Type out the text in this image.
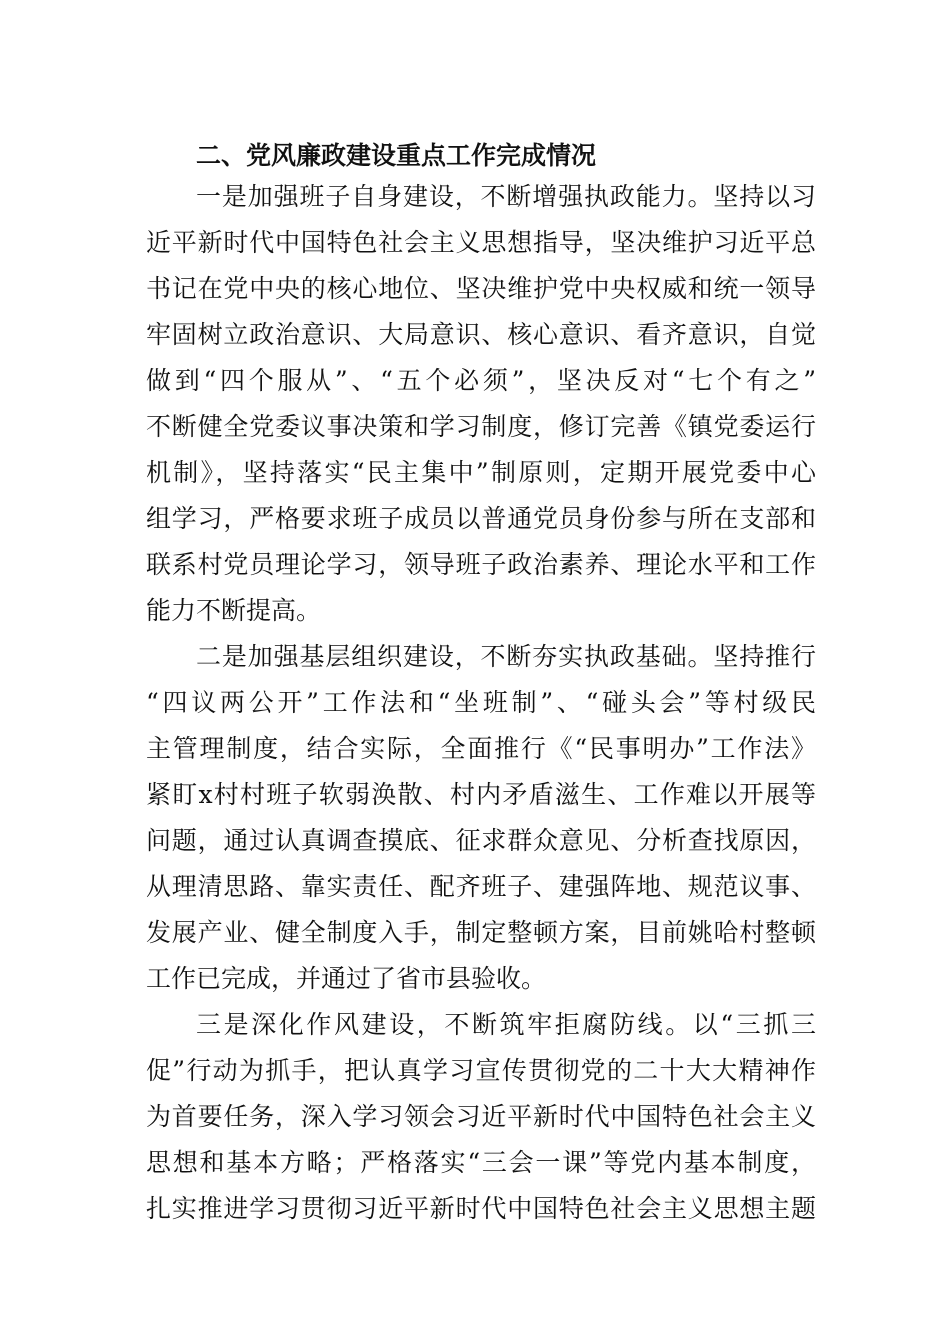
二、党风廉政建设重点工作完成情况
一是加强班子自身建设，不断增强执政能力。坚持以习
近平新时代中国特色社会主义思想指导，坚决维护习近平总
书记在党中央的核心地位、坚决维护党中央权威和统一领导
牢固树立政治意识、大局意识、核心意识、看齐意识，自觉
做到“四个服从”、“五个必须”，坚决反对“七个有之”
不断健全党委议事决策和学习制度，修订完善《镇党委运行
机制》，坚持落实“民主集中”制原则，定期开展党委中心
组学习，严格要求班子成员以普通党员身份参与所在支部和
联系村党员理论学习，领导班子政治素养、理论水平和工作
能力不断提高。
二是加强基层组织建设，不断夯实执政基础。坚持推行
“四议两公开”工作法和“坐班制”、“碰头会”等村级民
主管理制度，结合实际，全面推行《“民事明办”工作法》
紧盯x村村班子软弱涣散、村内矛盾滋生、工作难以开展等
问题，通过认真调查摸底、征求群众意见、分析查找原因，
从理清思路、靠实责任、配齐班子、建强阵地、规范议事、
发展产业、健全制度入手，制定整顿方案，目前姚哈村整顿
工作已完成，并通过了省市县验收。
三是深化作风建设，不断筑牢拒腐防线。以“三抓三
促”行动为抓手，把认真学习宣传贯彻党的二十大大精神作
为首要任务，深入学习领会习近平新时代中国特色社会主义
思想和基本方略；严格落实“三会一课”等党内基本制度，
扎实推进学习贯彻习近平新时代中国特色社会主义思想主题
